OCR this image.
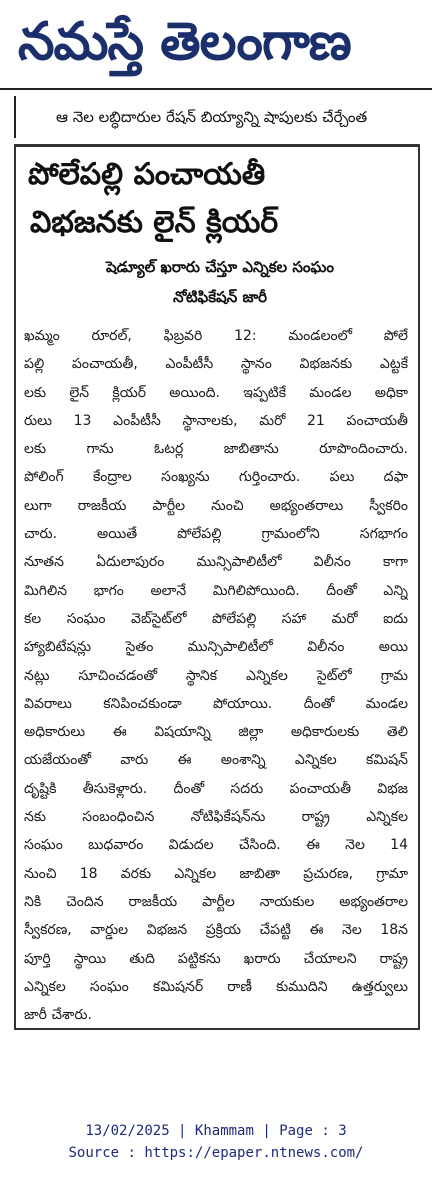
నమస్తే తెలంగాణ
ఆ నెల లబ్ధిదారుల రేషన్ బియ్యాన్ని షాపులకు చేర్చేంత
పోలేపల్లి పంచాయతీ
విభజనకు లైన్ క్లియర్
షెడ్యూల్ ఖరారు చేస్తూ ఎన్నికల సంఘం
నోటిఫికేషన్ జారీ
ఖమ్మం రూరల్, ఫిబ్రవరి 12: మండలంలో పోలే
పల్లి పంచాయతీ, ఎంపీటీసీ స్థానం విభజనకు ఎట్టకే
లకు లైన్ క్లియర్ అయింది. ఇప్పటికే మండల అధికా
రులు 13 ఎంపీటీసీ స్థానాలకు, మరో 21 పంచాయతీ
లకు గాను ఓటర్ల జాబితాను రూపొందించారు.
పోలింగ్ కేంద్రాల సంఖ్యను గుర్తించారు. పలు దఫా
లుగా రాజకీయ పార్టీల నుంచి అభ్యంతరాలు స్వీకరిం
చారు. అయితే పోలేపల్లి గ్రామంలోని సగభాగం
నూతన ఏదులాపురం మున్సిపాలిటీలో విలీనం కాగా
మిగిలిన భాగం అలానే మిగిలిపోయింది. దీంతో ఎన్ని
కల సంఘం వెబ్‌సైట్‌లో పోలేపల్లి సహా మరో ఐదు
హ్యాబిటేషన్లు సైతం మున్సిపాలిటీలో విలీనం అయి
నట్లు సూచించడంతో స్థానిక ఎన్నికల సైట్‌లో గ్రామ
వివరాలు కనిపించకుండా పోయాయి. దీంతో మండల
అధికారులు ఈ విషయాన్ని జిల్లా అధికారులకు తెలి
యజేయంతో వారు ఈ అంశాన్ని ఎన్నికల కమిషన్
దృష్టికి తీసుకెళ్లారు. దీంతో సదరు పంచాయతీ విభజ
నకు సంబంధించిన నోటిఫికేషన్‌ను రాష్ట్ర ఎన్నికల
సంఘం బుధవారం విడుదల చేసింది. ఈ నెల 14
నుంచి 18 వరకు ఎన్నికల జాబితా ప్రచురణ, గ్రామా
నికి చెందిన రాజకీయ పార్టీల నాయకుల అభ్యంతరాల
స్వీకరణ, వార్డుల విభజన ప్రక్రియ చేపట్టి ఈ నెల 18న
పూర్తి స్థాయి తుది పట్టికను ఖరారు చేయాలని రాష్ట్ర
ఎన్నికల సంఘం కమిషనర్ రాణీ కుముదిని ఉత్తర్వులు
జారీ చేశారు.
13/02/2025 | Khammam | Page : 3
Source : https://epaper.ntnews.com/
